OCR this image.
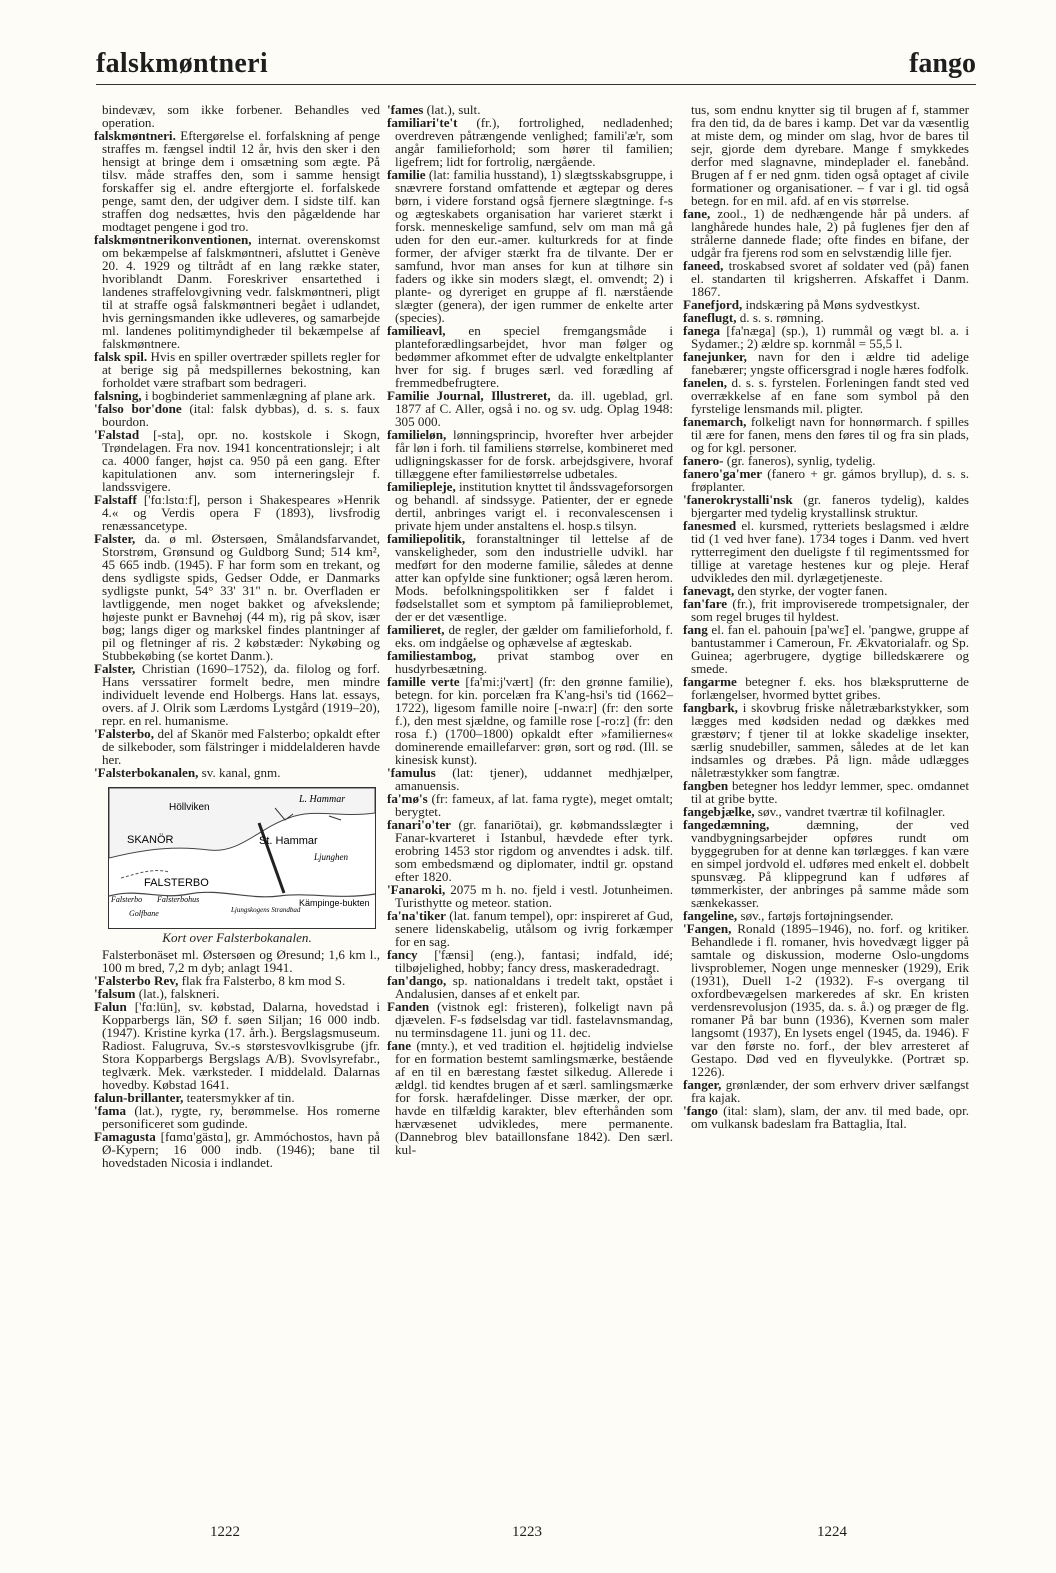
falskmøntneri	fango

bindevæv, som ikke forbener. Behandles ved operation.

falskmøntneri. Eftergørelse el. forfalskning af penge straffes m. fængsel indtil 12 år, hvis den sker i den hensigt at bringe dem i omsætning som ægte. På tilsv. måde straffes den, som i samme hensigt forskaffer sig el. andre eftergjorte el. forfalskede penge, samt den, der udgiver dem. I sidste tilf. kan straffen dog nedsættes, hvis den pågældende har modtaget pengene i god tro.

falskmøntnerikonventionen, internat. overenskomst om bekæmpelse af falskmøntneri, afsluttet i Genève 20. 4. 1929 og tiltrådt af en lang række stater, hvoriblandt Danm. Foreskriver ensartethed i landenes straffelovgivning vedr. falskmøntneri, pligt til at straffe også falskmøntneri begået i udlandet, hvis gerningsmanden ikke udleveres, og samarbejde ml. landenes politimyndigheder til bekæmpelse af falskmøntnere.

falsk spil. Hvis en spiller overtræder spillets regler for at berige sig på medspillernes bekostning, kan forholdet være strafbart som bedrageri.

falsning, i bogbinderiet sammenlægning af plane ark.

'falso bor'done (ital: falsk dybbas), d. s. s. faux bourdon.

'Falstad [-sta], opr. no. kostskole i Skogn, Trøndelagen. Fra nov. 1941 koncentrationslejr; i alt ca. 4000 fanger, højst ca. 950 på een gang. Efter kapitulationen anv. som interneringslejr f. landssvigere.

Falstaff ['fɑːlstɑːf], person i Shakespeares »Henrik 4.« og Verdis opera F (1893), livsfrodig renæssancetype.

Falster, da. ø ml. Østersøen, Smålandsfarvandet, Storstrøm, Grønsund og Guldborg Sund; 514 km², 45 665 indb. (1945). F har form som en trekant, og dens sydligste spids, Gedser Odde, er Danmarks sydligste punkt, 54° 33' 31" n. br. Overfladen er lavtliggende, men noget bakket og afvekslende; højeste punkt er Bavnehøj (44 m), rig på skov, især bøg; langs diger og markskel findes plantninger af pil og fletninger af ris. 2 købstæder: Nykøbing og Stubbekøbing (se kortet Danm.).

Falster, Christian (1690–1752), da. filolog og forf. Hans verssatirer formelt bedre, men mindre individuelt levende end Holbergs. Hans lat. essays, overs. af J. Olrik som Lærdoms Lystgård (1919–20), repr. en rel. humanisme.

'Falsterbo, del af Skanör med Falsterbo; opkaldt efter de silkeboder, som fälstringer i middelalderen havde her.

'Falsterbokanalen, sv. kanal, gnm.

Höllviken
SKANÖR	St. Hammar
L. Hammar
Ljunghen
FALSTERBO
Falsterbo Falsterbohus
Golfbane	Ljungskogens Strandbad
Kämpinge-bukten
Kort over Falsterbokanalen.

Falsterbonäset ml. Østersøen og Øresund; 1,6 km l., 100 m bred, 7,2 m dyb; anlagt 1941.

'Falsterbo Rev, flak fra Falsterbo, 8 km mod S.

'falsum (lat.), falskneri.

Falun ['fɑ:lün], sv. købstad, Dalarna, hovedstad i Kopparbergs län, SØ f. søen Siljan; 16 000 indb. (1947). Kristine kyrka (17. årh.). Bergslagsmuseum. Radiost. Falugruva, Sv.-s størstesvovlkisgrube (jfr. Stora Kopparbergs Bergslags A/B). Svovlsyrefabr., teglværk. Mek. værksteder. I middelald. Dalarnas hovedby. Købstad 1641.

falun-brillanter, teatersmykker af tin.

'fama (lat.), rygte, ry, berømmelse. Hos romerne personificeret som gudinde.

Famagusta [fɑmɑ'gästɑ], gr. Ammóchostos, havn på Ø-Kypern; 16 000 indb. (1946); bane til hovedstaden Nicosia i indlandet.

'fames (lat.), sult.

familiari'te't (fr.), fortrolighed, nedladenhed; overdreven påtrængende venlighed; famili'æ'r, som angår familieforhold; som hører til familien; ligefrem; lidt for fortrolig, nærgående.

familie (lat: familia husstand), 1) slægtsskabsgruppe, i snævrere forstand omfattende et ægtepar og deres børn, i videre forstand også fjernere slægtninge. f-s og ægteskabets organisation har varieret stærkt i forsk. menneskelige samfund, selv om man må gå uden for den eur.-amer. kulturkreds for at finde former, der afviger stærkt fra de tilvante. Der er samfund, hvor man anses for kun at tilhøre sin faders og ikke sin moders slægt, el. omvendt; 2) i plante- og dyreriget en gruppe af fl. nærstående slægter (genera), der igen rummer de enkelte arter (species).

familieavl, en speciel fremgangsmåde i planteforædlingsarbejdet, hvor man følger og bedømmer afkommet efter de udvalgte enkeltplanter hver for sig. f bruges særl. ved forædling af fremmedbefrugtere.

Familie Journal, Illustreret, da. ill. ugeblad, grl. 1877 af C. Aller, også i no. og sv. udg. Oplag 1948: 305 000.

familieløn, lønningsprincip, hvorefter hver arbejder får løn i forh. til familiens størrelse, kombineret med udligningskasser for de forsk. arbejdsgivere, hvoraf tillæggene efter familiestørrelse udbetales.

familiepleje, institution knyttet til åndssvageforsorgen og behandl. af sindssyge. Patienter, der er egnede dertil, anbringes varigt el. i reconvalescensen i private hjem under anstaltens el. hosp.s tilsyn.

familiepolitik, foranstaltninger til lettelse af de vanskeligheder, som den industrielle udvikl. har medført for den moderne familie, således at denne atter kan opfylde sine funktioner; også læren herom. Mods. befolkningspolitikken ser f faldet i fødselstallet som et symptom på familieproblemet, der er det væsentlige.

familieret, de regler, der gælder om familieforhold, f. eks. om indgåelse og ophævelse af ægteskab.

familiestambog, privat stambog over en husdyrbesætning.

famille verte [fa'mi:j'vært] (fr: den grønne familie), betegn. for kin. porcelæn fra K'ang-hsi's tid (1662–1722), ligesom famille noire [-nwa:r] (fr: den sorte f.), den mest sjældne, og famille rose [-ro:z] (fr: den rosa f.) (1700–1800) opkaldt efter »familiernes« dominerende emaillefarver: grøn, sort og rød. (Ill. se kinesisk kunst).

'famulus (lat: tjener), uddannet medhjælper, amanuensis.

fa'mø's (fr: fameux, af lat. fama rygte), meget omtalt; berygtet.

fanari'o'ter (gr. fanariōtai), gr. købmandsslægter i Fanar-kvarteret i Istanbul, hævdede efter tyrk. erobring 1453 stor rigdom og anvendtes i adsk. tilf. som embedsmænd og diplomater, indtil gr. opstand efter 1820.

'Fanaroki, 2075 m h. no. fjeld i vestl. Jotunheimen. Turisthytte og meteor. station.

fa'na'tiker (lat. fanum tempel), opr: inspireret af Gud, senere lidenskabelig, utålsom og ivrig forkæmper for en sag.

fancy ['fænsi] (eng.), fantasi; indfald, idé; tilbøjelighed, hobby; fancy dress, maskeradedragt.

fan'dango, sp. nationaldans i tredelt takt, opstået i Andalusien, danses af et enkelt par.

Fanden (vistnok egl: fristeren), folkeligt navn på djævelen. F-s fødselsdag var tidl. fastelavnsmandag, nu terminsdagene 11. juni og 11. dec.

fane (mnty.), et ved tradition el. højtidelig indvielse for en formation bestemt samlingsmærke, bestående af en til en bærestang fæstet silkedug. Allerede i ældgl. tid kendtes brugen af et særl. samlingsmærke for forsk. hærafdelinger. Disse mærker, der opr. havde en tilfældig karakter, blev efterhånden som hærvæsenet udvikledes, mere permanente. (Dannebrog blev bataillonsfane 1842). Den særl. kul-

tus, som endnu knytter sig til brugen af f, stammer fra den tid, da de bares i kamp. Det var da væsentlig at miste dem, og minder om slag, hvor de bares til sejr, gjorde dem dyrebare. Mange f smykkedes derfor med slagnavne, mindeplader el. fanebånd. Brugen af f er ned gnm. tiden også optaget af civile formationer og organisationer. – f var i gl. tid også betegn. for en mil. afd. af en vis størrelse.

fane, zool., 1) de nedhængende hår på unders. af langhårede hundes hale, 2) på fuglenes fjer den af strålerne dannede flade; ofte findes en bifane, der udgår fra fjerens rod som en selvstændig lille fjer.

faneed, troskabsed svoret af soldater ved (på) fanen el. standarten til krigsherren. Afskaffet i Danm. 1867.

Fanefjord, indskæring på Møns sydvestkyst.

faneflugt, d. s. s. rømning.

fanega [fa'næga] (sp.), 1) rummål og vægt bl. a. i Sydamer.; 2) ældre sp. kornmål = 55,5 l.

fanejunker, navn for den i ældre tid adelige fanebærer; yngste officersgrad i nogle hæres fodfolk.

fanelen, d. s. s. fyrstelen. Forleningen fandt sted ved overrækkelse af en fane som symbol på den fyrstelige lensmands mil. pligter.

fanemarch, folkeligt navn for honnørmarch. f spilles til ære for fanen, mens den føres til og fra sin plads, og for kgl. personer.

fanero- (gr. faneros), synlig, tydelig.

fanero'ga'mer (fanero + gr. gámos bryllup), d. s. s. frøplanter.

'fanerokrystalli'nsk (gr. faneros tydelig), kaldes bjergarter med tydelig krystallinsk struktur.

fanesmed el. kursmed, rytteriets beslagsmed i ældre tid (1 ved hver fane). 1734 toges i Danm. ved hvert rytterregiment den dueligste f til regimentssmed for tillige at varetage hestenes kur og pleje. Heraf udvikledes den mil. dyrlægetjeneste.

fanevagt, den styrke, der vogter fanen.

fan'fare (fr.), frit improviserede trompetsignaler, der som regel bruges til hyldest.

fang el. fan el. pahouin [pa'wɛ̃] el. 'pangwe, gruppe af bantustammer i Cameroun, Fr. Ækvatorialafr. og Sp. Guinea; agerbrugere, dygtige billedskærere og smede.

fangarme betegner f. eks. hos blæksprutterne de forlængelser, hvormed byttet gribes.

fangbark, i skovbrug friske nåletræbarkstykker, som lægges med kødsiden nedad og dækkes med græstørv; f tjener til at lokke skadelige insekter, særlig snudebiller, sammen, således at de let kan indsamles og dræbes. På lign. måde udlægges nåletræstykker som fangtræ.

fangben betegner hos leddyr lemmer, spec. omdannet til at gribe bytte.

fangebjælke, søv., vandret tværtræ til kofilnagler.

fangedæmning, dæmning, der ved vandbygningsarbejder opføres rundt om byggegruben for at denne kan tørlægges. f kan være en simpel jordvold el. udføres med enkelt el. dobbelt spunsvæg. På klippegrund kan f udføres af tømmerkister, der anbringes på samme måde som sænkekasser.

fangeline, søv., fartøjs fortøjningsender.

'Fangen, Ronald (1895–1946), no. forf. og kritiker. Behandlede i fl. romaner, hvis hovedvægt ligger på samtale og diskussion, moderne Oslo-ungdoms livsproblemer, Nogen unge mennesker (1929), Erik (1931), Duell 1-2 (1932). F-s overgang til oxfordbevægelsen markeredes af skr. En kristen verdensrevolusjon (1935, da. s. å.) og præger de flg. romaner På bar bunn (1936), Kvernen som maler langsomt (1937), En lysets engel (1945, da. 1946). F var den første no. forf., der blev arresteret af Gestapo. Død ved en flyveulykke. (Portræt sp. 1226).

fanger, grønlænder, der som erhverv driver sælfangst fra kajak.

'fango (ital: slam), slam, der anv. til med bade, opr. om vulkansk badeslam fra Battaglia, Ital.

1222	1223	1224
